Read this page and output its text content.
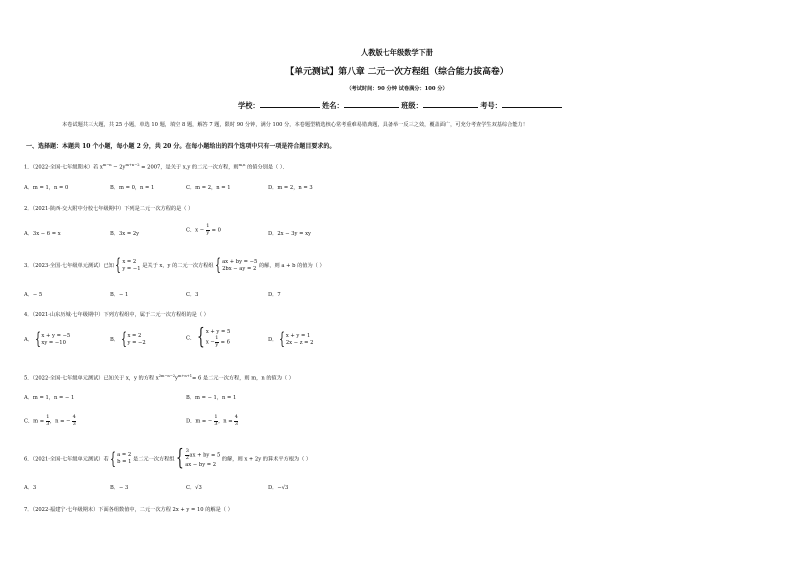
人教版七年级数学下册
【单元测试】第八章 二元一次方程组（综合能力拔高卷）
（考试时间：90 分钟 试卷满分：100 分）
学校：	姓名：	班级：	考号：
本卷试题共三大题，共 25 小题，单选 10 题，填空 8 题，解答 7 题，限时 90 分钟，满分 100 分，本卷题型精选核心常考重难易错典题，具备举一反三之效，覆盖面广，可充分考查学生双基综合能力！
一、选择题：本题共 10 个小题，每小题 2 分，共 20 分。在每小题给出的四个选项中只有一项是符合题目要求的。
1．（2022·全国·七年级期末）若 $x^{m-n} - 2y^{m+n-2} = 2007$，是关于 x,y 的二元一次方程，则$^{m,n}$ 的值分别是（ ）．
A．m = 1，n = 0	B．m = 0，n = 1	C．m = 2，n = 1	D．m = 2，n = 3
2．（2021·陕西·交大附中分校七年级期中）下列是二元一次方程的是（ ）
A．3x − 6 = x	B．3x = 2y
C．$x - \frac{1}{y} = 0$
D．2x − 3y = xy
3．（2023·全国·七年级单元测试）已知 { x = 2
y = −1 是关于 x，y 的二元一次方程组 { ax + by = −5
2bx − ay = 2 的解，则 a + b 的值为（ ）
A．− 5	B．− 1	C．3	D．7
4．（2021·山东历城·七年级期中）下列方程组中，属于二元一次方程组的是（ ）
A． { x + y = −5
xy = −10	B． { x = 2
y = −2
C． { x + y = 5
$x - \frac{1}{y} = 6$	D． { x + y = 1
2x − z = 2
5．（2022·全国·七年级单元测试）已知关于 x，y 的方程 $x^{2m-n-2}y^{m+n+1}= 6$ 是二元一次方程，则 m，n 的值为（ ）
A．m = 1，n = − 1	B．m = − 1，n = 1
C．$m = \frac{1}{3}$ ，n = − $\frac{4}{3}$	D．m = − $\frac{1}{3}$ ，$n = \frac{4}{3}$
6．（2021·全国·七年级单元测试）若 { a = 2
b = 1 是二元一次方程组 { $\frac{3}{2}$ ax + by = 5
ax − by = 2
的解，则 x + 2y 的算术平方根为（ ）
A．3	B．− 3	C．√3	D．−√3
7．（2022·福建宁·七年级期末）下面各组数值中，二元一次方程 2x + y = 10 的解是（ ）
